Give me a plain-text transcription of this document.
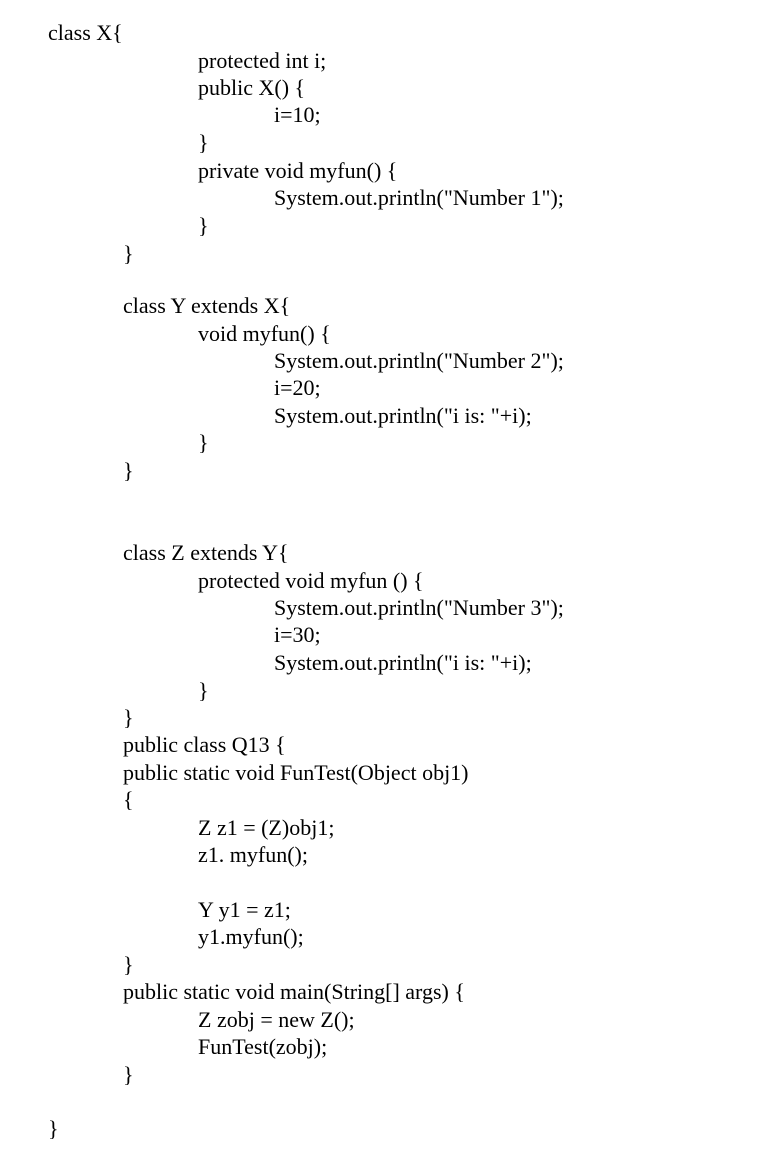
class X{
protected int i;
public X() {
i=10;
}
private void myfun() {
System.out.println("Number 1");
}
}
class Y extends X{
void myfun() {
System.out.println("Number 2");
i=20;
System.out.println("i is: "+i);
}
}
class Z extends Y{
protected void myfun () {
System.out.println("Number 3");
i=30;
System.out.println("i is: "+i);
}
}
public class Q13 {
public static void FunTest(Object obj1)
{
Z z1 = (Z)obj1;
z1. myfun();
Y y1 = z1;
y1.myfun();
}
public static void main(String[] args) {
Z zobj = new Z();
FunTest(zobj);
}
}
